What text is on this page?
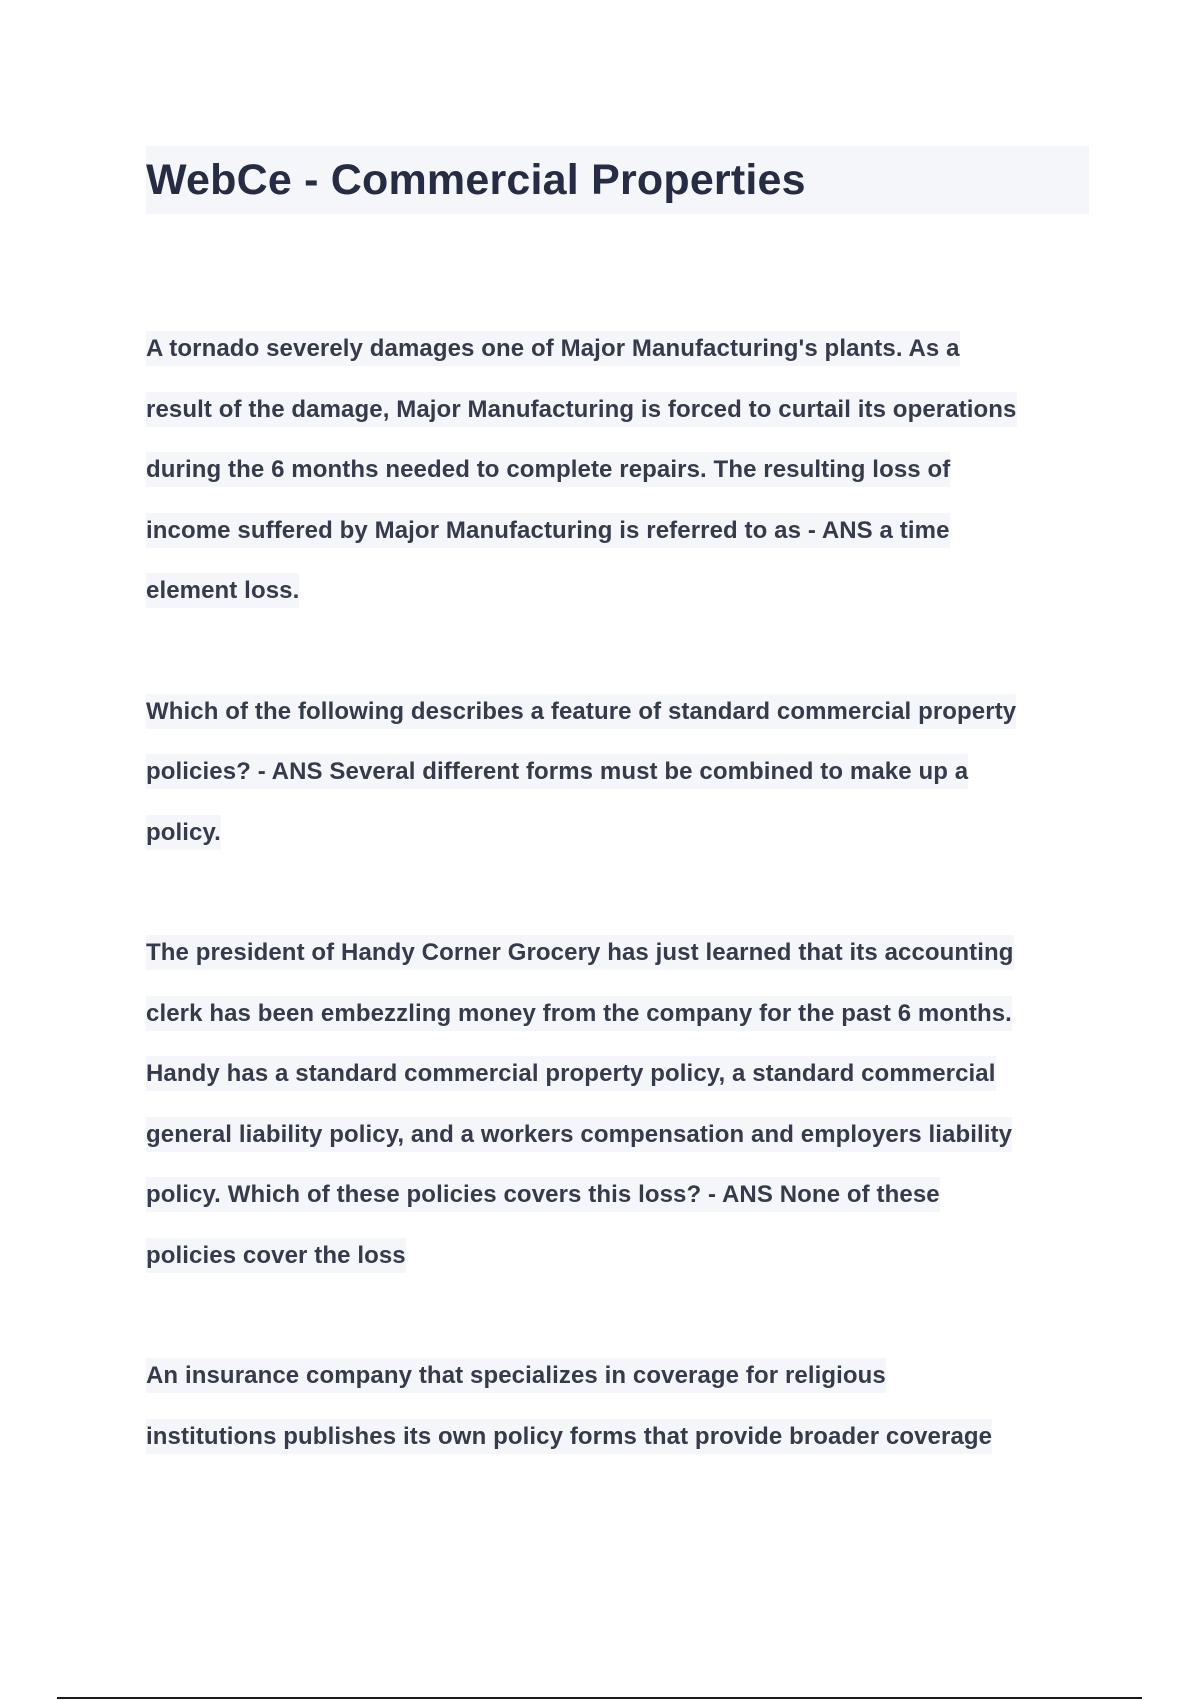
WebCe - Commercial Properties
A tornado severely damages one of Major Manufacturing's plants. As a
result of the damage, Major Manufacturing is forced to curtail its operations
during the 6 months needed to complete repairs. The resulting loss of
income suffered by Major Manufacturing is referred to as - ANS a time
element loss.
Which of the following describes a feature of standard commercial property
policies? - ANS Several different forms must be combined to make up a
policy.
The president of Handy Corner Grocery has just learned that its accounting
clerk has been embezzling money from the company for the past 6 months.
Handy has a standard commercial property policy, a standard commercial
general liability policy, and a workers compensation and employers liability
policy. Which of these policies covers this loss? - ANS None of these
policies cover the loss
An insurance company that specializes in coverage for religious
institutions publishes its own policy forms that provide broader coverage
